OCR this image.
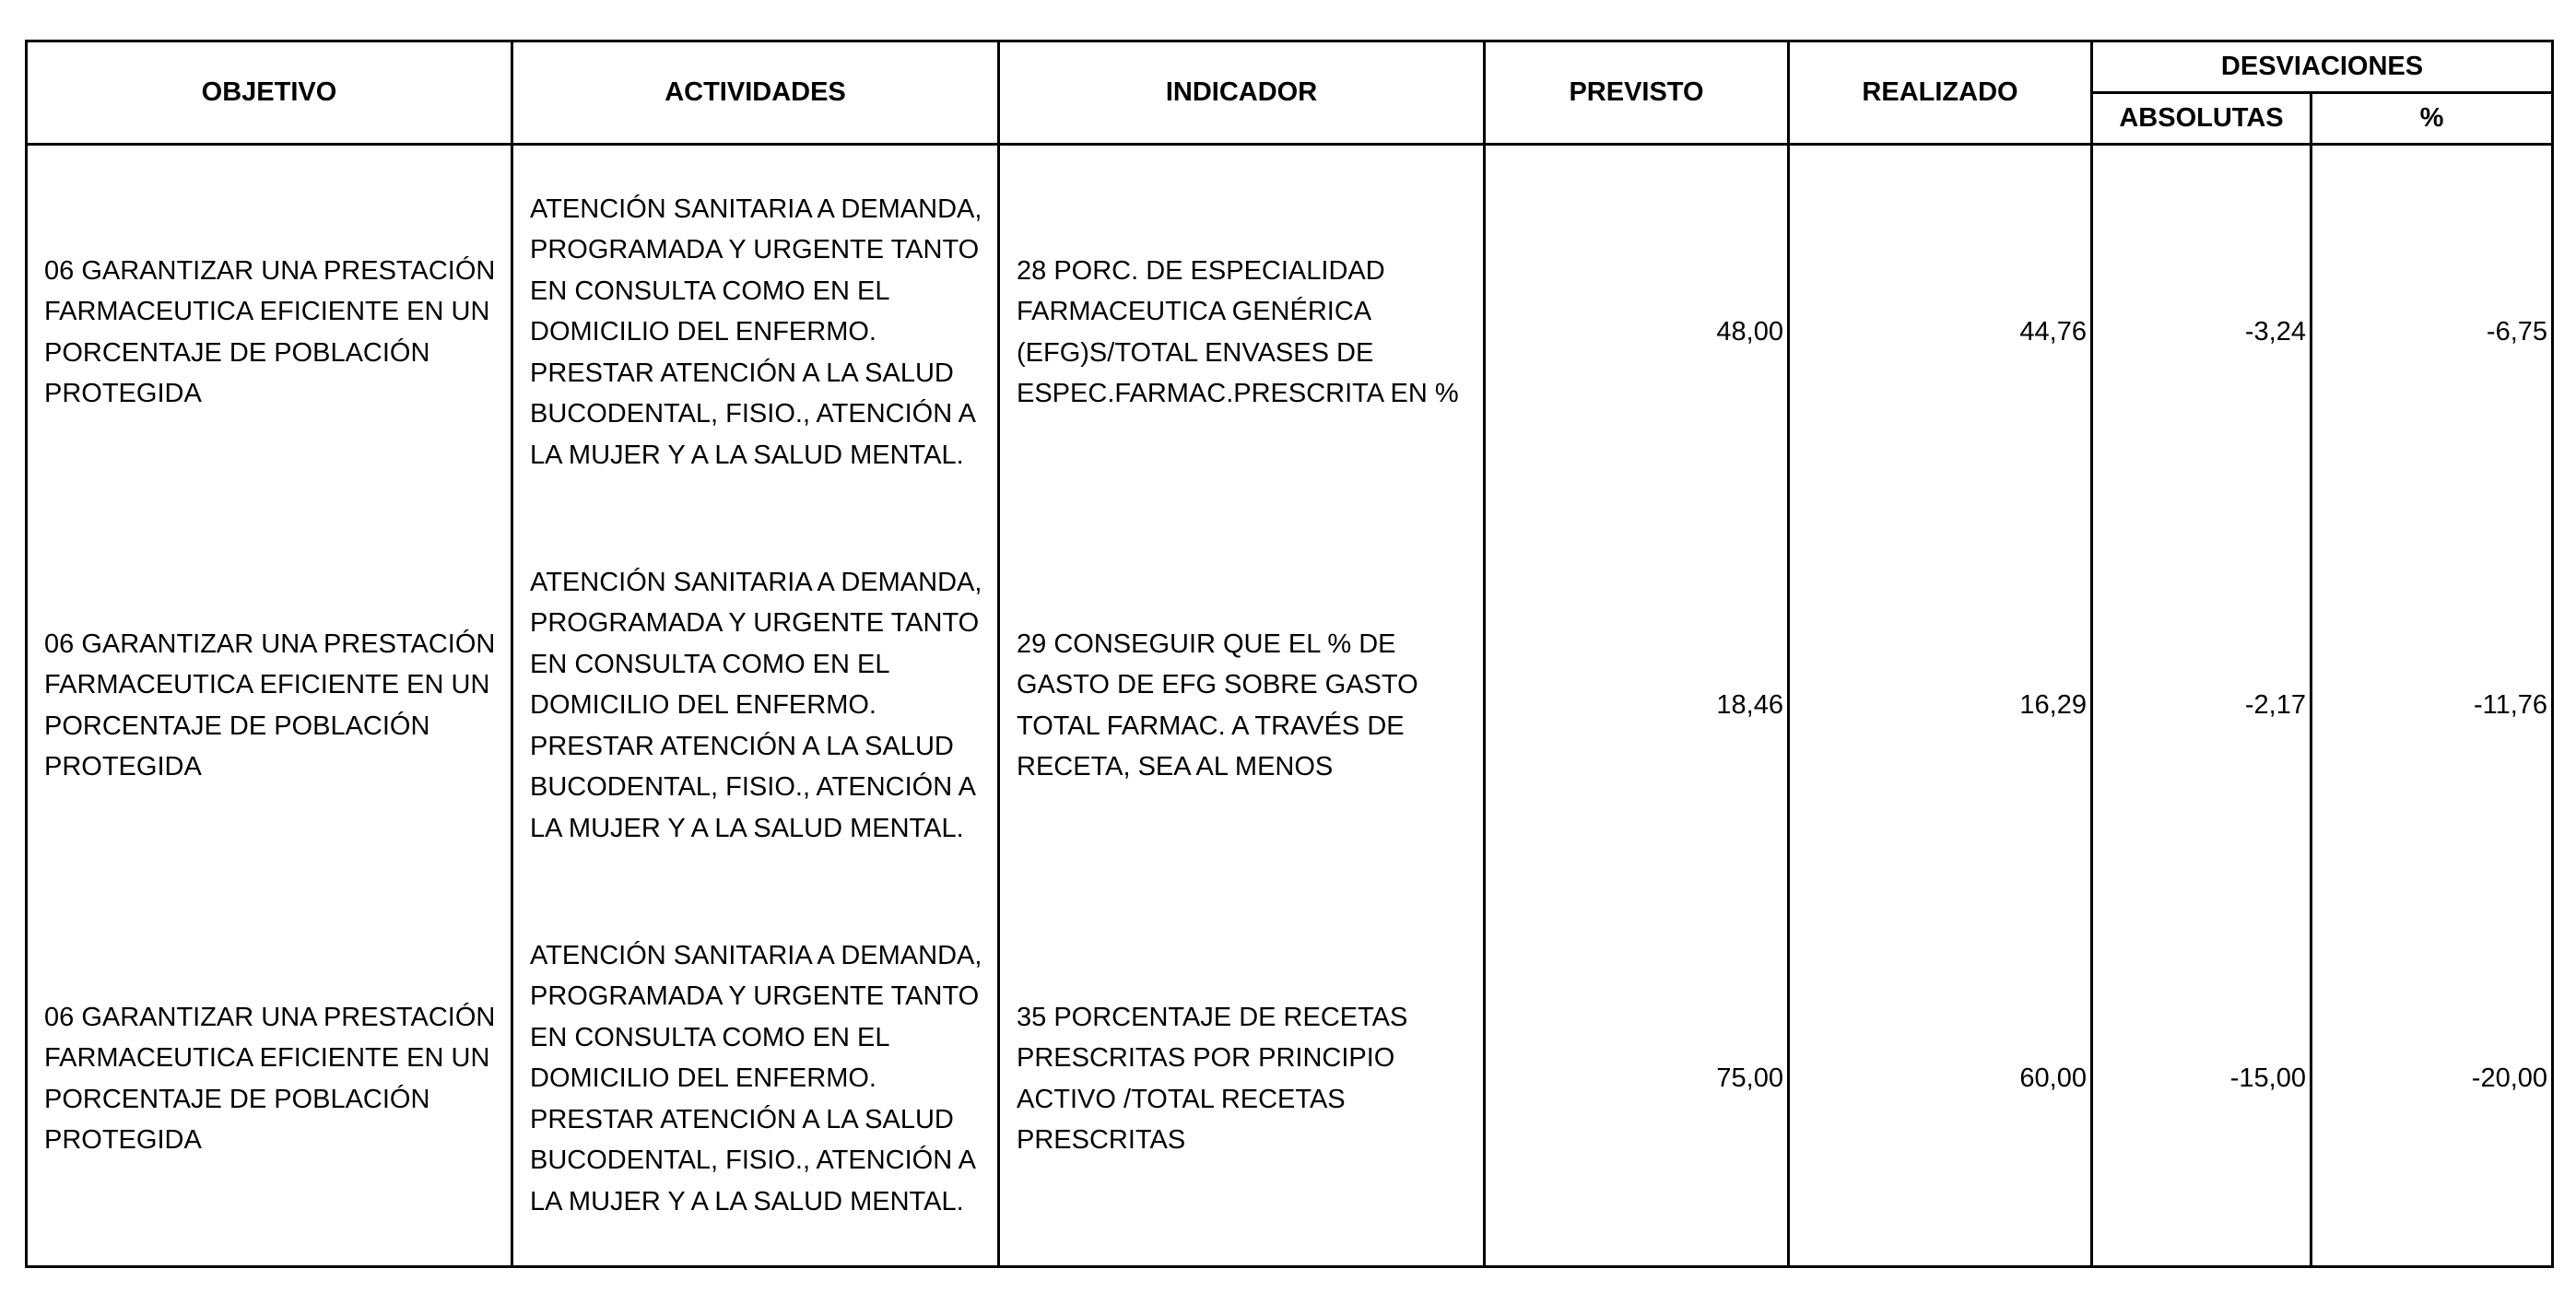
OBJETIVO	ACTIVIDADES	INDICADOR	PREVISTO	REALIZADO	DESVIACIONES	
					ABSOLUTAS	%
06 GARANTIZAR UNA PRESTACIÓN FARMACEUTICA EFICIENTE EN UN PORCENTAJE DE POBLACIÓN PROTEGIDA	ATENCIÓN SANITARIA A DEMANDA, PROGRAMADA Y URGENTE TANTO EN CONSULTA COMO EN EL DOMICILIO DEL ENFERMO. PRESTAR ATENCIÓN A LA SALUD BUCODENTAL, FISIO., ATENCIÓN A LA MUJER Y A LA SALUD MENTAL.	28 PORC. DE ESPECIALIDAD FARMACEUTICA GENÉRICA (EFG)S/TOTAL ENVASES DE ESPEC.FARMAC.PRESCRITA EN %	48,00	44,76	-3,24	-6,75
06 GARANTIZAR UNA PRESTACIÓN FARMACEUTICA EFICIENTE EN UN PORCENTAJE DE POBLACIÓN PROTEGIDA	ATENCIÓN SANITARIA A DEMANDA, PROGRAMADA Y URGENTE TANTO EN CONSULTA COMO EN EL DOMICILIO DEL ENFERMO. PRESTAR ATENCIÓN A LA SALUD BUCODENTAL, FISIO., ATENCIÓN A LA MUJER Y A LA SALUD MENTAL.	29 CONSEGUIR QUE EL % DE GASTO DE EFG SOBRE GASTO TOTAL FARMAC. A TRAVÉS DE RECETA, SEA AL MENOS	18,46	16,29	-2,17	-11,76
06 GARANTIZAR UNA PRESTACIÓN FARMACEUTICA EFICIENTE EN UN PORCENTAJE DE POBLACIÓN PROTEGIDA	ATENCIÓN SANITARIA A DEMANDA, PROGRAMADA Y URGENTE TANTO EN CONSULTA COMO EN EL DOMICILIO DEL ENFERMO. PRESTAR ATENCIÓN A LA SALUD BUCODENTAL, FISIO., ATENCIÓN A LA MUJER Y A LA SALUD MENTAL.	35 PORCENTAJE DE RECETAS PRESCRITAS POR PRINCIPIO ACTIVO /TOTAL RECETAS PRESCRITAS	75,00	60,00	-15,00	-20,00
